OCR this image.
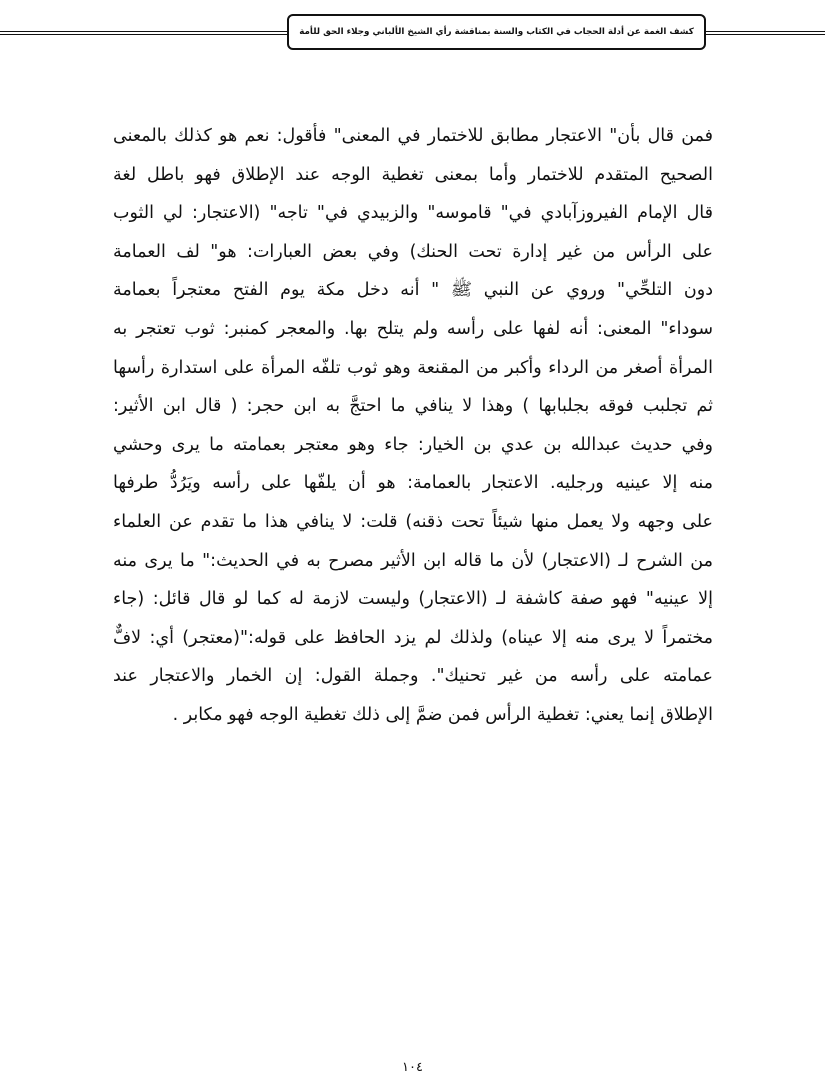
كشف الغمة عن أدلة الحجاب في الكتاب والسنة بمناقشة رأي الشيخ الألباني وجلاء الحق للأمة
فمن قال بأن" الاعتجار مطابق للاختمار في المعنى" فأقول: نعم هو كذلك بالمعنى
الصحيح المتقدم للاختمار وأما بمعنى تغطية الوجه عند الإطلاق فهو باطل لغة
قال الإمام الفيروزآبادي في" قاموسه" والزبيدي في" تاجه" (الاعتجار: لي الثوب
على الرأس من غير إدارة تحت الحنك) وفي بعض العبارات: هو" لف العمامة
دون التلحِّي" وروي عن النبي ﷺ " أنه دخل مكة يوم الفتح معتجراً بعمامة
سوداء" المعنى: أنه لفها على رأسه ولم يتلح بها. والمعجر كمنبر: ثوب تعتجر به
المرأة أصغر من الرداء وأكبر من المقنعة وهو ثوب تلفّه المرأة على استدارة رأسها
ثم تجلبب فوقه بجلبابها ) وهذا لا ينافي ما احتجَّ به ابن حجر: ( قال ابن الأثير:
وفي حديث عبدالله بن عدي بن الخيار: جاء وهو معتجر بعمامته ما يرى وحشي
منه إلا عينيه ورجليه. الاعتجار بالعمامة: هو أن يلفّها على رأسه ويَرُدُّ طرفها
على وجهه ولا يعمل منها شيئاً تحت ذقنه) قلت: لا ينافي هذا ما تقدم عن العلماء
من الشرح لـ (الاعتجار) لأن ما قاله ابن الأثير مصرح به في الحديث:" ما يرى منه
إلا عينيه" فهو صفة كاشفة لـ (الاعتجار) وليست لازمة له كما لو قال قائل: (جاء
مختمراً لا يرى منه إلا عيناه) ولذلك لم يزد الحافظ على قوله:"(معتجر) أي: لافٌّ
عمامته على رأسه من غير تحنيك". وجملة القول: إن الخمار والاعتجار عند
الإطلاق إنما يعني: تغطية الرأس فمن ضمَّ إلى ذلك تغطية الوجه فهو مكابر .
١٠٤
